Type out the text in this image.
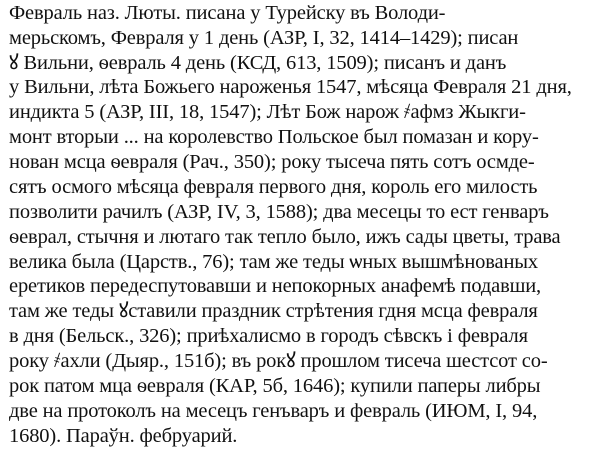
Февраль наз. Люты. писана у Турейску въ Володи-
мерьскомъ, Февраля у 1 день (АЗР, I, 32, 1414–1429); писан
ꙋ Вильни, ѳевраль 4 день (КСД, 613, 1509); писанъ и данъ
у Вильни, лѣта Божьего нароженья 1547, мѣсяца Февраля 21 дня,
индикта 5 (АЗР, III, 18, 1547); Лѣт Бож нарож ҂афмз Жыкги-
монт вторыи ... на королевство Польское был помазан и кору-
нован мсца ѳевраля (Рач., 350); року тысеча пять сотъ осмде-
сятъ осмого мѣсяца февраля первого дня, король его милость
позволити рачилъ (АЗР, IV, 3, 1588); два месецы то ест генваръ
ѳеврал, стычня и лютаго так тепло было, ижъ сады цветы, трава
велика была (Царств., 76); там же теды ѡных вышмѣнованых
еретиков передеспутовавши и непокорных анафемѣ подавши,
там же теды ꙋставили праздник стрѣтения гдня мсца февраля
в дня (Бельск., 326); приѣхалисмо в городъ сѣвскъ і февраля
року ҂ахли (Дыяр., 151б); въ рокꙋ прошлом тисеча шестсот со-
рок патом мца ѳевраля (КАР, 5б, 1646); купили паперы либры
две на протоколъ на месецъ генъваръ и февраль (ИЮМ, I, 94,
1680). Параўн. фебруарий.
